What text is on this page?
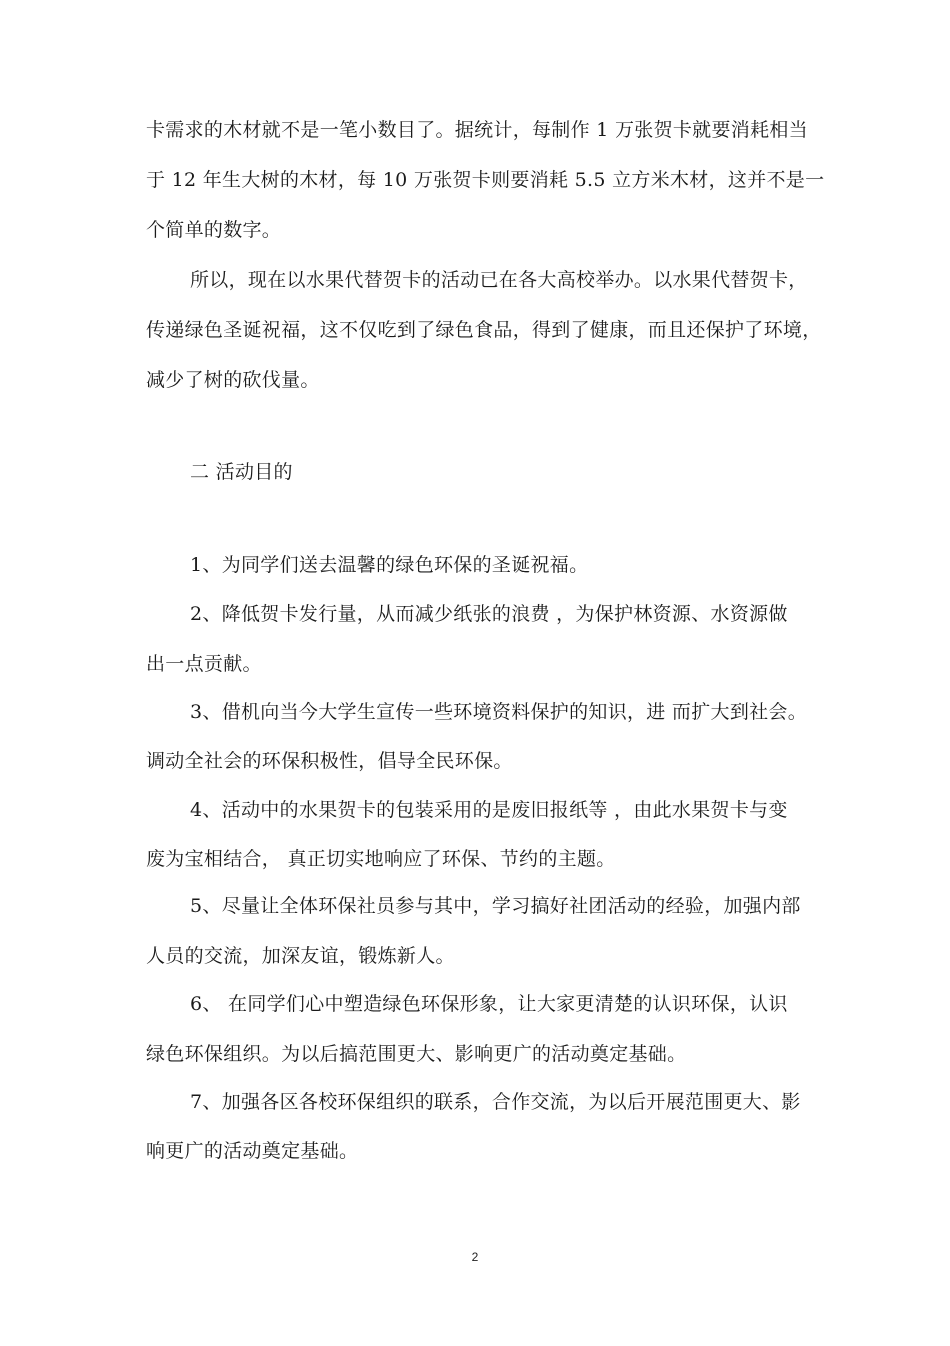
卡需求的木材就不是一笔小数目了。据统计，每制作 1 万张贺卡就要消耗相当
于 12 年生大树的木材，每 10 万张贺卡则要消耗 5.5 立方米木材，这并不是一
个简单的数字。
所以，现在以水果代替贺卡的活动已在各大高校举办。以水果代替贺卡，
传递绿色圣诞祝福，这不仅吃到了绿色食品，得到了健康，而且还保护了环境，
减少了树的砍伐量。
二 活动目的
1、为同学们送去温馨的绿色环保的圣诞祝福。
2、降低贺卡发行量，从而减少纸张的浪费 ，为保护林资源、水资源做
出一点贡献。
3、借机向当今大学生宣传一些环境资料保护的知识，进 而扩大到社会。
调动全社会的环保积极性，倡导全民环保。
4、活动中的水果贺卡的包装采用的是废旧报纸等 ，由此水果贺卡与变
废为宝相结合， 真正切实地响应了环保、节约的主题。
5、尽量让全体环保社员参与其中，学习搞好社团活动的经验，加强内部
人员的交流，加深友谊，锻炼新人。
6、 在同学们心中塑造绿色环保形象，让大家更清楚的认识环保，认识
绿色环保组织。为以后搞范围更大、影响更广的活动奠定基础。
7、加强各区各校环保组织的联系，合作交流，为以后开展范围更大、影
响更广的活动奠定基础。
2
